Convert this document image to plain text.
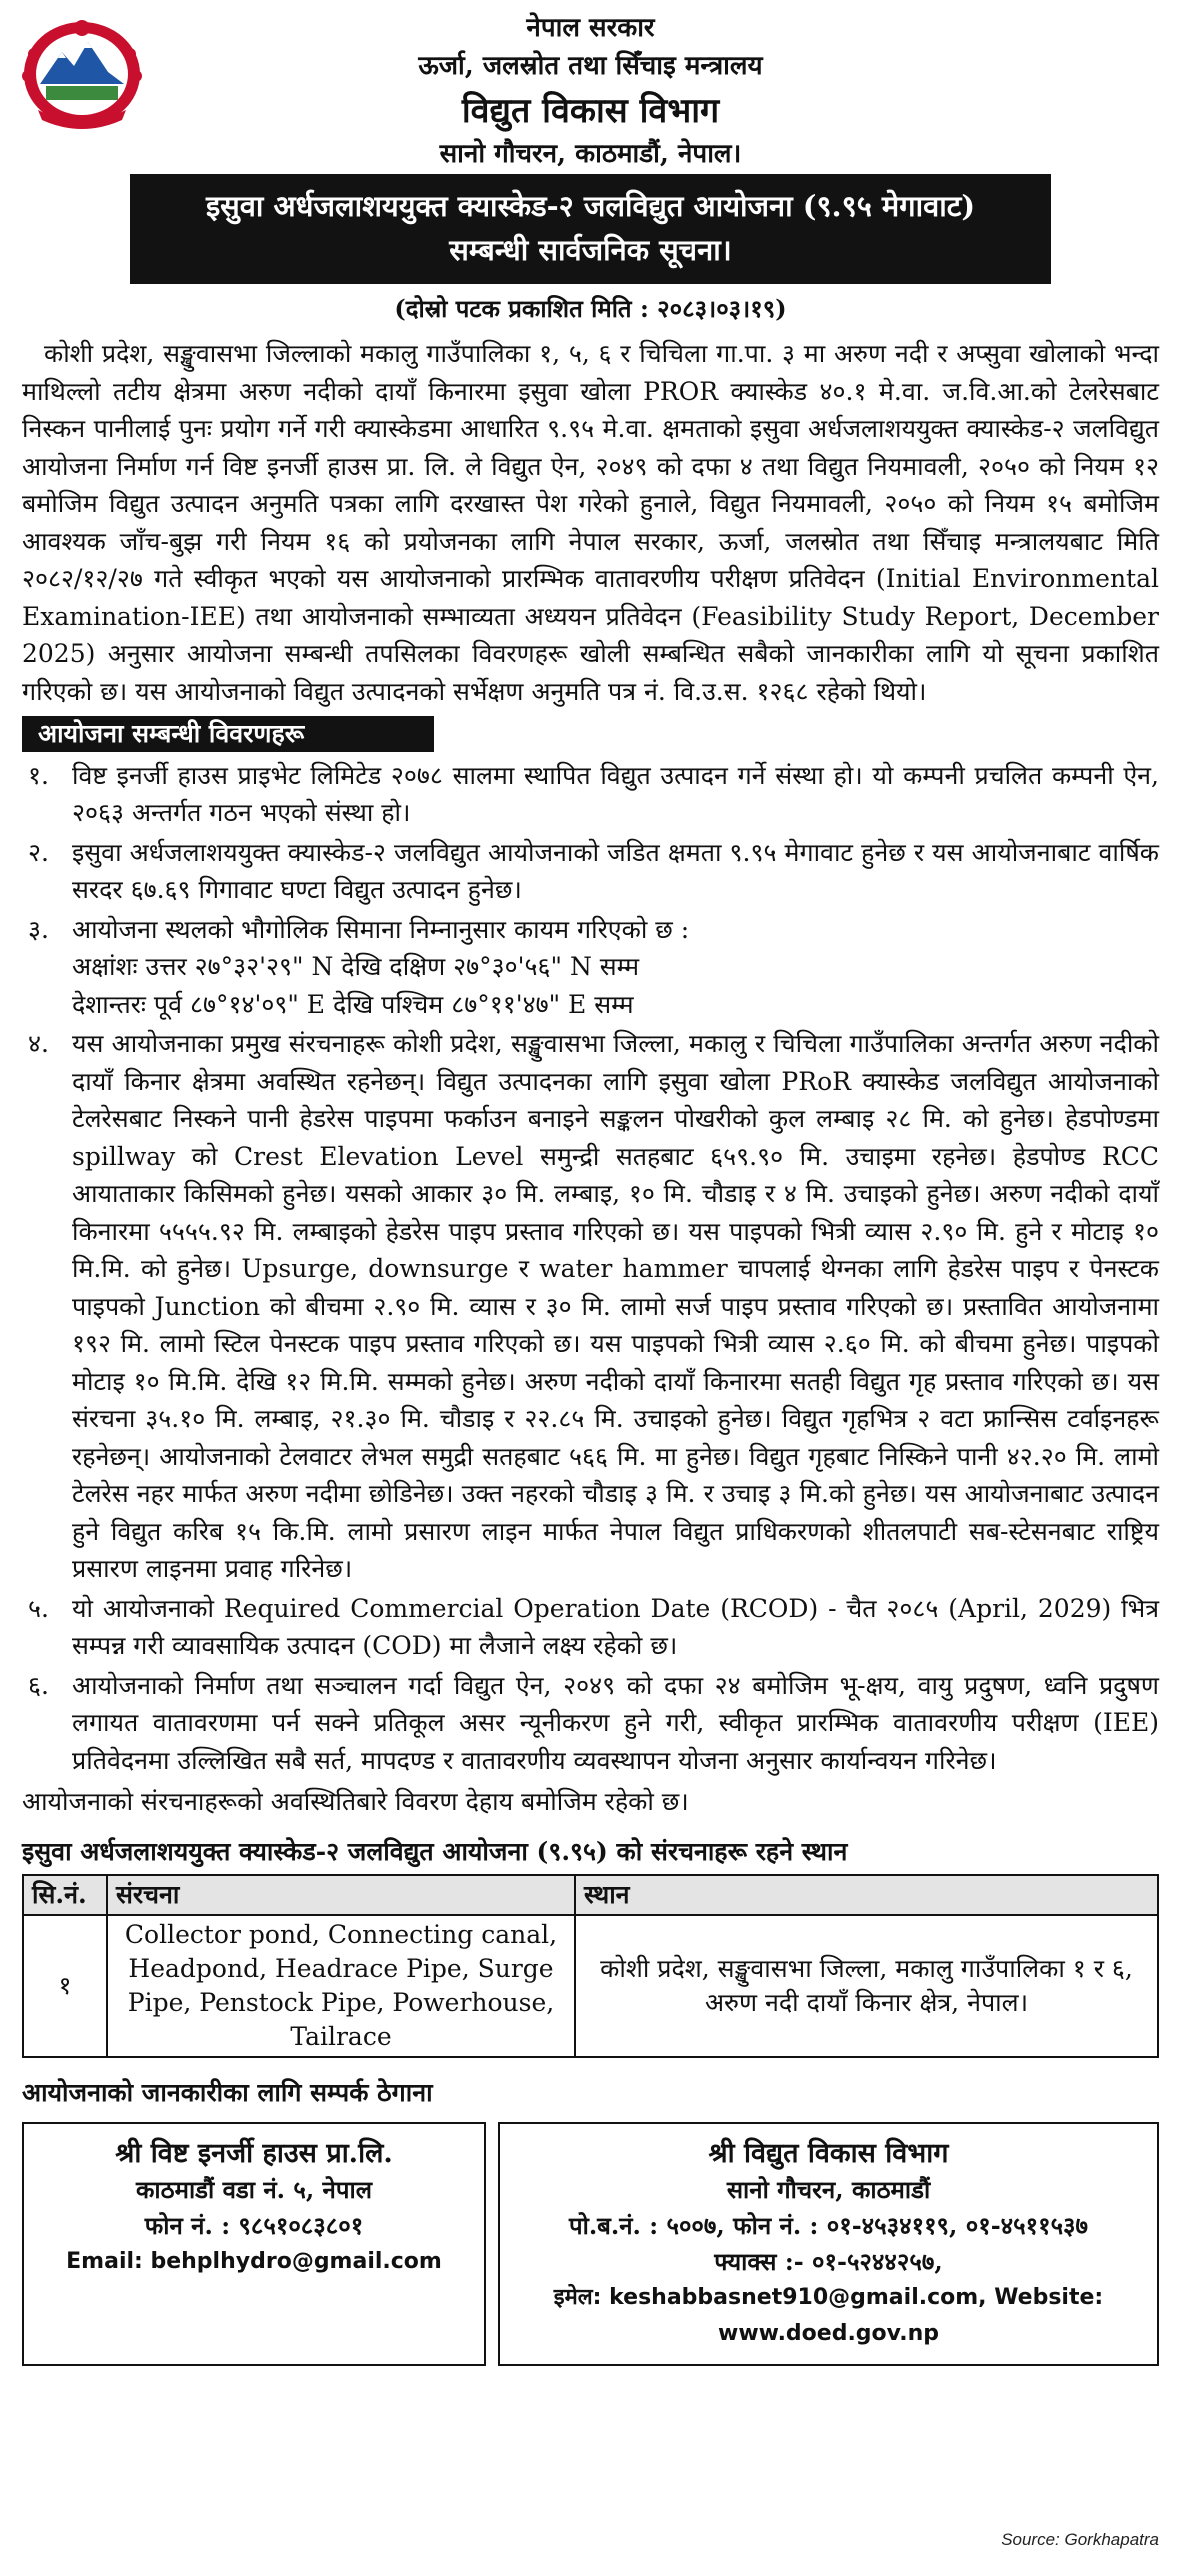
नेपाल सरकार
ऊर्जा, जलस्रोत तथा सिँचाइ मन्त्रालय
विद्युत विकास विभाग
सानो गौचरन, काठमाडौं, नेपाल।
इसुवा अर्धजलाशययुक्त क्यास्केड-२ जलविद्युत आयोजना (९.९५ मेगावाट)
सम्बन्धी सार्वजनिक सूचना।
(दोस्रो पटक प्रकाशित मिति : २०८३।०३।१९)

कोशी प्रदेश, सङ्खुवासभा जिल्लाको मकालु गाउँपालिका १, ५, ६ र चिचिला गा.पा. ३ मा अरुण नदी र अप्सुवा खोलाको भन्दा माथिल्लो तटीय क्षेत्रमा अरुण नदीको दायाँ किनारमा इसुवा खोला PROR क्यास्केड ४०.१ मे.वा. ज.वि.आ.को टेलरेसबाट निस्कन पानीलाई पुनः प्रयोग गर्ने गरी क्यास्केडमा आधारित ९.९५ मे.वा. क्षमताको इसुवा अर्धजलाशययुक्त क्यास्केड-२ जलविद्युत आयोजना निर्माण गर्न विष्ट इनर्जी हाउस प्रा. लि. ले विद्युत ऐन, २०४९ को दफा ४ तथा विद्युत नियमावली, २०५० को नियम १२ बमोजिम विद्युत उत्पादन अनुमति पत्रका लागि दरखास्त पेश गरेको हुनाले, विद्युत नियमावली, २०५० को नियम १५ बमोजिम आवश्यक जाँच-बुझ गरी नियम १६ को प्रयोजनका लागि नेपाल सरकार, ऊर्जा, जलस्रोत तथा सिँचाइ मन्त्रालयबाट मिति २०८२/१२/२७ गते स्वीकृत भएको यस आयोजनाको प्रारम्भिक वातावरणीय परीक्षण प्रतिवेदन (Initial Environmental Examination-IEE) तथा आयोजनाको सम्भाव्यता अध्ययन प्रतिवेदन (Feasibility Study Report, December 2025) अनुसार आयोजना सम्बन्धी तपसिलका विवरणहरू खोली सम्बन्धित सबैको जानकारीका लागि यो सूचना प्रकाशित गरिएको छ। यस आयोजनाको विद्युत उत्पादनको सर्भेक्षण अनुमति पत्र नं. वि.उ.स. १२६८ रहेको थियो।

आयोजना सम्बन्धी विवरणहरू
१. विष्ट इनर्जी हाउस प्राइभेट लिमिटेड २०७८ सालमा स्थापित विद्युत उत्पादन गर्ने संस्था हो। यो कम्पनी प्रचलित कम्पनी ऐन, २०६३ अन्तर्गत गठन भएको संस्था हो।
२. इसुवा अर्धजलाशययुक्त क्यास्केड-२ जलविद्युत आयोजनाको जडित क्षमता ९.९५ मेगावाट हुनेछ र यस आयोजनाबाट वार्षिक सरदर ६७.६९ गिगावाट घण्टा विद्युत उत्पादन हुनेछ।
३. आयोजना स्थलको भौगोलिक सिमाना निम्नानुसार कायम गरिएको छ :
अक्षांशः उत्तर २७°३२'२९" N देखि दक्षिण २७°३०'५६" N सम्म
देशान्तरः पूर्व ८७°१४'०९" E देखि पश्चिम ८७°११'४७" E सम्म
४. यस आयोजनाका प्रमुख संरचनाहरू कोशी प्रदेश, सङ्खुवासभा जिल्ला, मकालु र चिचिला गाउँपालिका अन्तर्गत अरुण नदीको दायाँ किनार क्षेत्रमा अवस्थित रहनेछन्। विद्युत उत्पादनका लागि इसुवा खोला PRoR क्यास्केड जलविद्युत आयोजनाको टेलरेसबाट निस्कने पानी हेडरेस पाइपमा फर्काउन बनाइने सङ्कलन पोखरीको कुल लम्बाइ २८ मि. को हुनेछ। हेडपोण्डमा spillway को Crest Elevation Level समुन्द्री सतहबाट ६५९.९० मि. उचाइमा रहनेछ। हेडपोण्ड RCC आयाताकार किसिमको हुनेछ। यसको आकार ३० मि. लम्बाइ, १० मि. चौडाइ र ४ मि. उचाइको हुनेछ। अरुण नदीको दायाँ किनारमा ५५५५.९२ मि. लम्बाइको हेडरेस पाइप प्रस्ताव गरिएको छ। यस पाइपको भित्री व्यास २.९० मि. हुने र मोटाइ १० मि.मि. को हुनेछ। Upsurge, downsurge र water hammer चापलाई थेग्नका लागि हेडरेस पाइप र पेनस्टक पाइपको Junction को बीचमा २.९० मि. व्यास र ३० मि. लामो सर्ज पाइप प्रस्ताव गरिएको छ। प्रस्तावित आयोजनामा १९२ मि. लामो स्टिल पेनस्टक पाइप प्रस्ताव गरिएको छ। यस पाइपको भित्री व्यास २.६० मि. को बीचमा हुनेछ। पाइपको मोटाइ १० मि.मि. देखि १२ मि.मि. सम्मको हुनेछ। अरुण नदीको दायाँ किनारमा सतही विद्युत गृह प्रस्ताव गरिएको छ। यस संरचना ३५.१० मि. लम्बाइ, २१.३० मि. चौडाइ र २२.८५ मि. उचाइको हुनेछ। विद्युत गृहभित्र २ वटा फ्रान्सिस टर्वाइनहरू रहनेछन्। आयोजनाको टेलवाटर लेभल समुद्री सतहबाट ५६६ मि. मा हुनेछ। विद्युत गृहबाट निस्किने पानी ४२.२० मि. लामो टेलरेस नहर मार्फत अरुण नदीमा छोडिनेछ। उक्त नहरको चौडाइ ३ मि. र उचाइ ३ मि.को हुनेछ। यस आयोजनाबाट उत्पादन हुने विद्युत करिब १५ कि.मि. लामो प्रसारण लाइन मार्फत नेपाल विद्युत प्राधिकरणको शीतलपाटी सब-स्टेसनबाट राष्ट्रिय प्रसारण लाइनमा प्रवाह गरिनेछ।
५. यो आयोजनाको Required Commercial Operation Date (RCOD) - चैत २०८५ (April, 2029) भित्र सम्पन्न गरी व्यावसायिक उत्पादन (COD) मा लैजाने लक्ष्य रहेको छ।
६. आयोजनाको निर्माण तथा सञ्चालन गर्दा विद्युत ऐन, २०४९ को दफा २४ बमोजिम भू-क्षय, वायु प्रदुषण, ध्वनि प्रदुषण लगायत वातावरणमा पर्न सक्ने प्रतिकूल असर न्यूनीकरण हुने गरी, स्वीकृत प्रारम्भिक वातावरणीय परीक्षण (IEE) प्रतिवेदनमा उल्लिखित सबै सर्त, मापदण्ड र वातावरणीय व्यवस्थापन योजना अनुसार कार्यान्वयन गरिनेछ।
आयोजनाको संरचनाहरूको अवस्थितिबारे विवरण देहाय बमोजिम रहेको छ।
इसुवा अर्धजलाशययुक्त क्यास्केड-२ जलविद्युत आयोजना (९.९५) को संरचनाहरू रहने स्थान
सि.नं.	संरचना	स्थान
१	Collector pond, Connecting canal, Headpond, Headrace Pipe, Surge Pipe, Penstock Pipe, Powerhouse, Tailrace	कोशी प्रदेश, सङ्खुवासभा जिल्ला, मकालु गाउँपालिका १ र ६, अरुण नदी दायाँ किनार क्षेत्र, नेपाल।
आयोजनाको जानकारीका लागि सम्पर्क ठेगाना
श्री विष्ट इनर्जी हाउस प्रा.लि.
काठमाडौं वडा नं. ५, नेपाल
फोन नं. : ९८५१०८३८०१
Email: behplhydro@gmail.com
श्री विद्युत विकास विभाग
सानो गौचरन, काठमाडौं
पो.ब.नं. : ५००७, फोन नं. : ०१-४५३४११९, ०१-४५११५३७
फ्याक्स :- ०१-५२४४२५७,
इमेल: keshabbasnet910@gmail.com, Website: www.doed.gov.np
Source: Gorkhapatra
